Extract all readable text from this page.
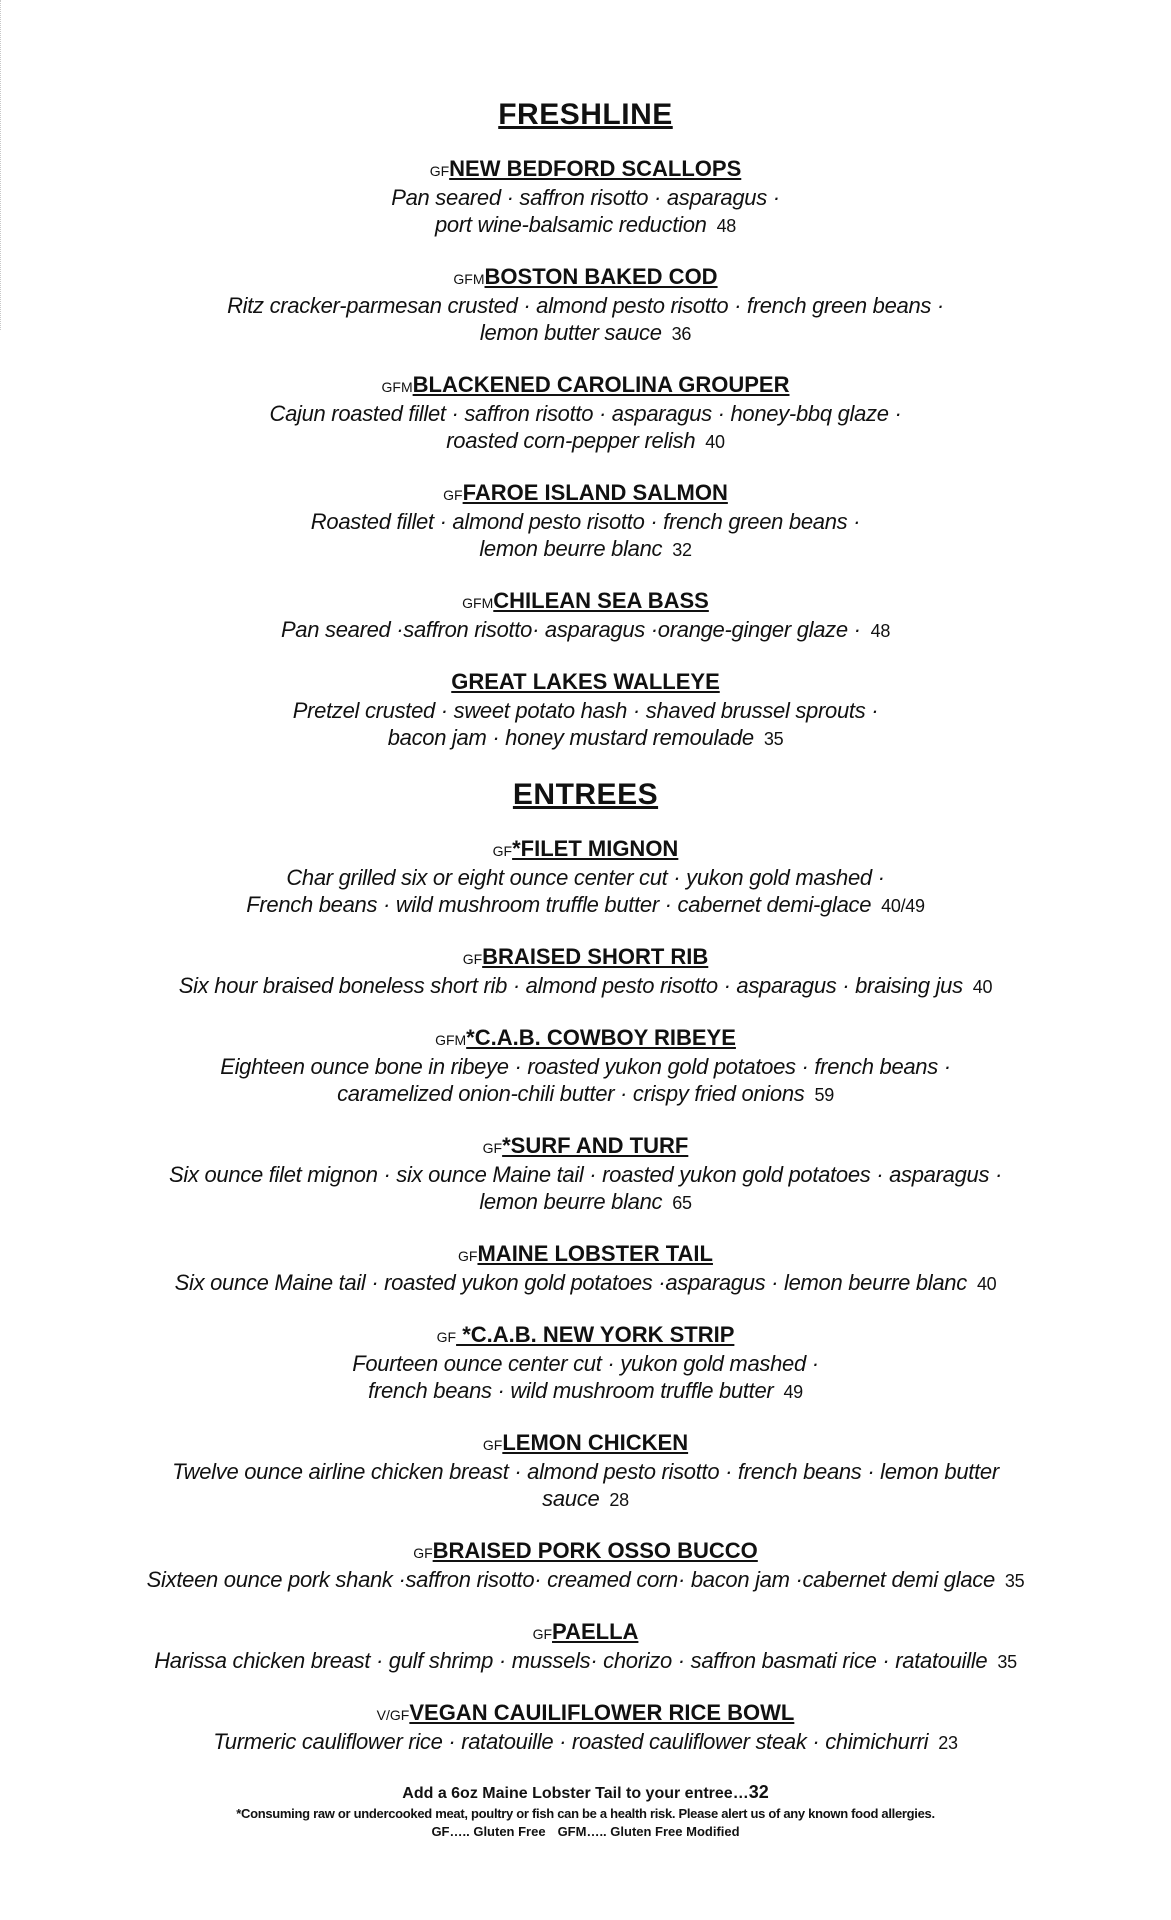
FRESHLINE
GFNEW BEDFORD SCALLOPS
Pan seared · saffron risotto · asparagus ·
port wine-balsamic reduction 48
GFMBOSTON BAKED COD
Ritz cracker-parmesan crusted · almond pesto risotto · french green beans ·
lemon butter sauce 36
GFMBLACKENED CAROLINA GROUPER
Cajun roasted fillet · saffron risotto · asparagus · honey-bbq glaze ·
roasted corn-pepper relish 40
GFFAROE ISLAND SALMON
Roasted fillet · almond pesto risotto · french green beans ·
lemon beurre blanc 32
GFMCHILEAN SEA BASS
Pan seared ·saffron risotto· asparagus ·orange-ginger glaze · 48
GREAT LAKES WALLEYE
Pretzel crusted · sweet potato hash · shaved brussel sprouts ·
bacon jam · honey mustard remoulade 35
ENTREES
GF*FILET MIGNON
Char grilled six or eight ounce center cut · yukon gold mashed ·
French beans · wild mushroom truffle butter · cabernet demi-glace 40/49
GFBRAISED SHORT RIB
Six hour braised boneless short rib · almond pesto risotto · asparagus · braising jus 40
GFM*C.A.B. COWBOY RIBEYE
Eighteen ounce bone in ribeye · roasted yukon gold potatoes · french beans ·
caramelized onion-chili butter · crispy fried onions 59
GF*SURF AND TURF
Six ounce filet mignon · six ounce Maine tail · roasted yukon gold potatoes · asparagus ·
lemon beurre blanc 65
GFMAINE LOBSTER TAIL
Six ounce Maine tail · roasted yukon gold potatoes ·asparagus · lemon beurre blanc 40
GF *C.A.B. NEW YORK STRIP
Fourteen ounce center cut · yukon gold mashed ·
french beans · wild mushroom truffle butter 49
GFLEMON CHICKEN
Twelve ounce airline chicken breast · almond pesto risotto · french beans · lemon butter
sauce 28
GFBRAISED PORK OSSO BUCCO
Sixteen ounce pork shank ·saffron risotto· creamed corn· bacon jam ·cabernet demi glace 35
GFPAELLA
Harissa chicken breast · gulf shrimp · mussels· chorizo · saffron basmati rice · ratatouille 35
V/GFVEGAN CAUILIFLOWER RICE BOWL
Turmeric cauliflower rice · ratatouille · roasted cauliflower steak · chimichurri 23
Add a 6oz Maine Lobster Tail to your entree…32
*Consuming raw or undercooked meat, poultry or fish can be a health risk. Please alert us of any known food allergies.
GF….. Gluten Free GFM….. Gluten Free Modified
